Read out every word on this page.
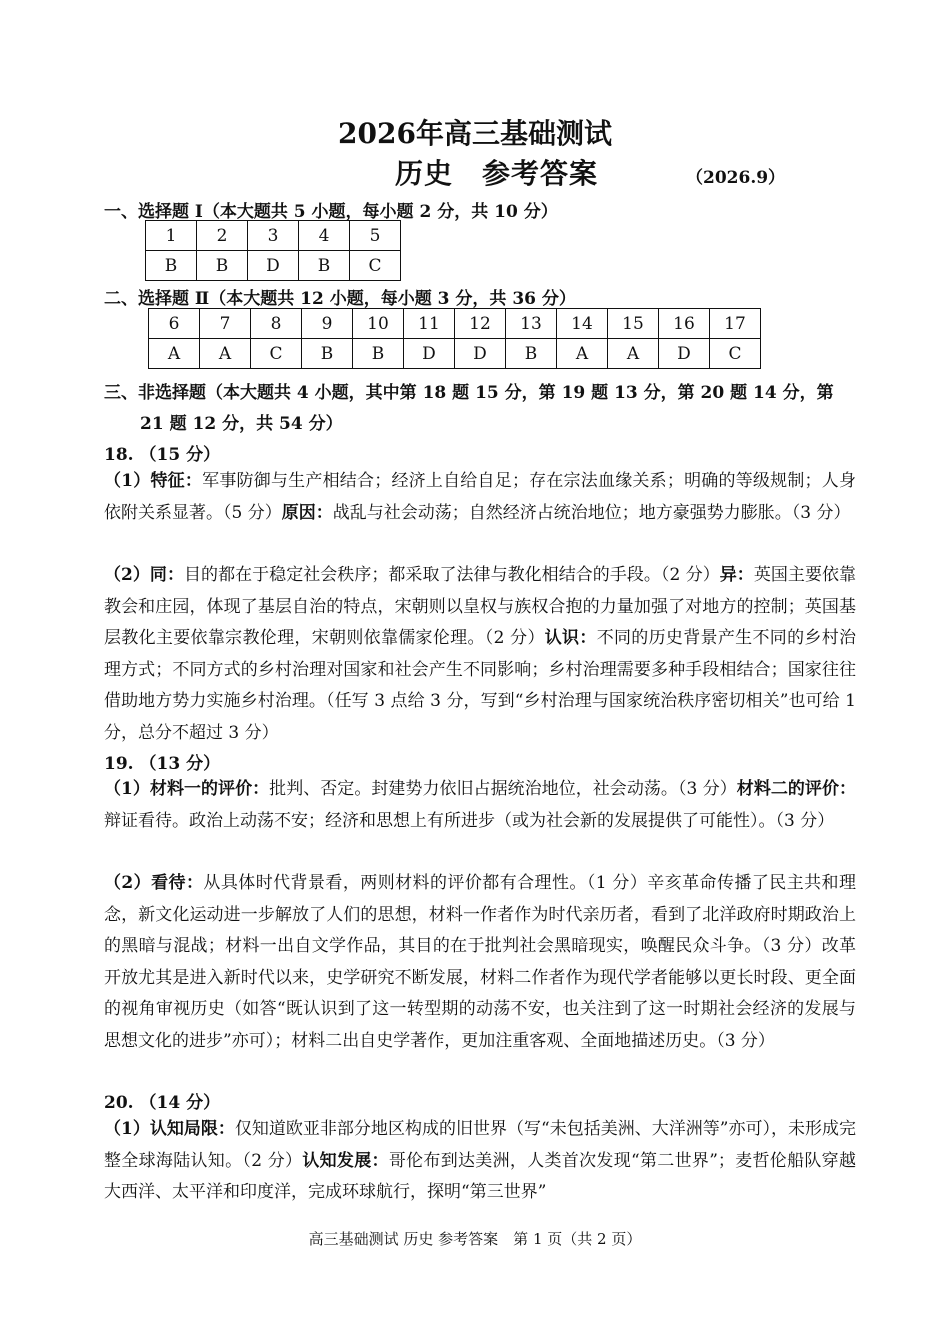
2026年高三基础测试
历史　参考答案	（2026.9）
一、选择题 Ⅰ（本大题共 5 小题，每小题 2 分，共 10 分）
1	2	3	4	5
B	B	D	B	C
二、选择题 Ⅱ（本大题共 12 小题，每小题 3 分，共 36 分）
6	7	8	9	10	11	12	13	14	15	16	17
A	A	C	B	B	D	D	B	A	A	D	C
三、非选择题（本大题共 4 小题，其中第 18 题 15 分，第 19 题 13 分，第 20 题 14 分，第
21 题 12 分，共 54 分）
18. （15 分）
（1）特征：军事防御与生产相结合；经济上自给自足；存在宗法血缘关系；明确的等级规制；人身依附关系显著。（5 分）原因：战乱与社会动荡；自然经济占统治地位；地方豪强势力膨胀。（3 分）
（2）同：目的都在于稳定社会秩序；都采取了法律与教化相结合的手段。（2 分）异：英国主要依靠教会和庄园，体现了基层自治的特点，宋朝则以皇权与族权合抱的力量加强了对地方的控制；英国基层教化主要依靠宗教伦理，宋朝则依靠儒家伦理。（2 分）认识：不同的历史背景产生不同的乡村治理方式；不同方式的乡村治理对国家和社会产生不同影响；乡村治理需要多种手段相结合；国家往往借助地方势力实施乡村治理。（任写 3 点给 3 分，写到“乡村治理与国家统治秩序密切相关”也可给 1 分，总分不超过 3 分）
19. （13 分）
（1）材料一的评价：批判、否定。封建势力依旧占据统治地位，社会动荡。（3 分）材料二的评价：辩证看待。政治上动荡不安；经济和思想上有所进步（或为社会新的发展提供了可能性）。（3 分）
（2）看待：从具体时代背景看，两则材料的评价都有合理性。（1 分）辛亥革命传播了民主共和理念，新文化运动进一步解放了人们的思想，材料一作者作为时代亲历者，看到了北洋政府时期政治上的黑暗与混战；材料一出自文学作品，其目的在于批判社会黑暗现实，唤醒民众斗争。（3 分）改革开放尤其是进入新时代以来，史学研究不断发展，材料二作者作为现代学者能够以更长时段、更全面的视角审视历史（如答“既认识到了这一转型期的动荡不安，也关注到了这一时期社会经济的发展与思想文化的进步”亦可）；材料二出自史学著作，更加注重客观、全面地描述历史。（3 分）
20. （14 分）
（1）认知局限：仅知道欧亚非部分地区构成的旧世界（写“未包括美洲、大洋洲等”亦可），未形成完整全球海陆认知。（2 分）认知发展：哥伦布到达美洲，人类首次发现“第二世界”；麦哲伦船队穿越大西洋、太平洋和印度洋，完成环球航行，探明“第三世界”
高三基础测试 历史 参考答案　第 1 页（共 2 页）
